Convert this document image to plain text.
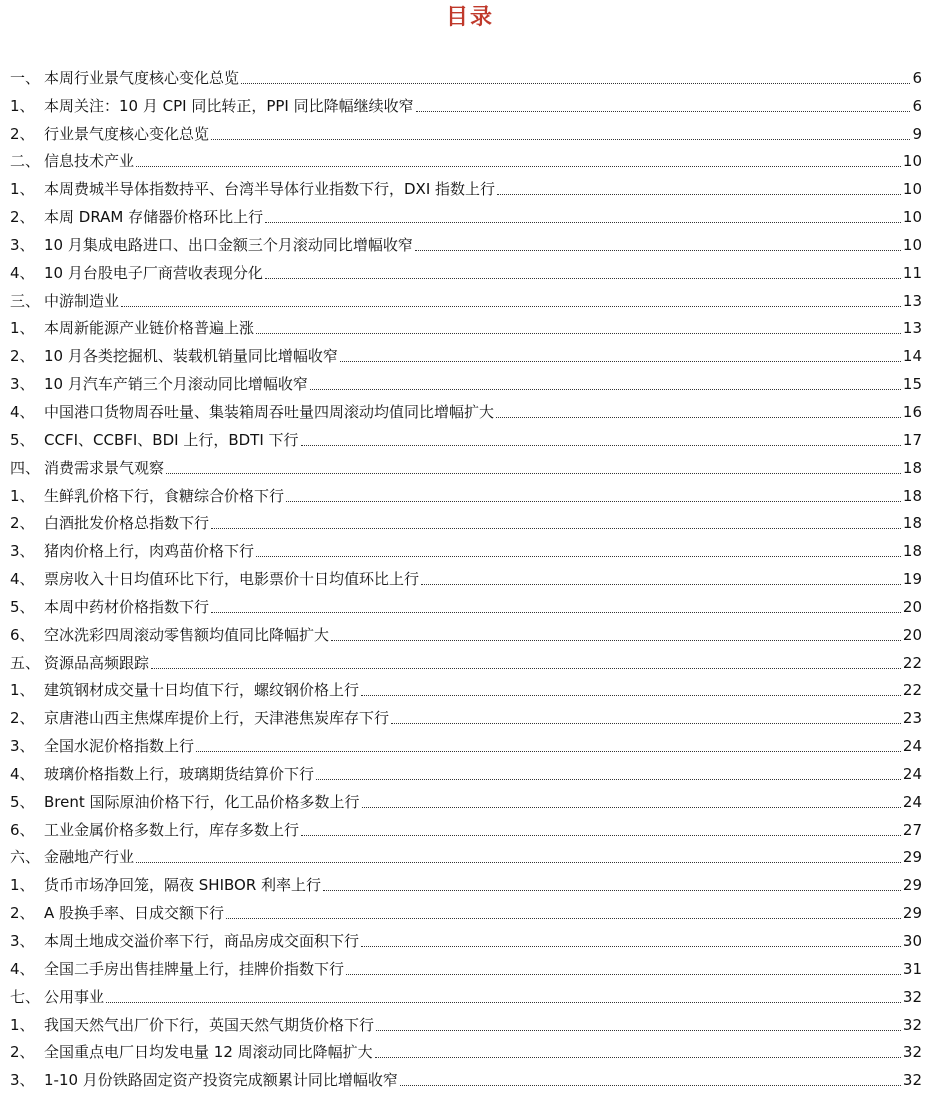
目录
一、 本周行业景气度核心变化总览	6
1、 本周关注：10 月 CPI 同比转正，PPI 同比降幅继续收窄	6
2、 行业景气度核心变化总览	9
二、 信息技术产业	10
1、 本周费城半导体指数持平、台湾半导体行业指数下行，DXI 指数上行	10
2、 本周 DRAM 存储器价格环比上行	10
3、 10 月集成电路进口、出口金额三个月滚动同比增幅收窄	10
4、 10 月台股电子厂商营收表现分化	11
三、 中游制造业	13
1、 本周新能源产业链价格普遍上涨	13
2、 10 月各类挖掘机、装载机销量同比增幅收窄	14
3、 10 月汽车产销三个月滚动同比增幅收窄	15
4、 中国港口货物周吞吐量、集装箱周吞吐量四周滚动均值同比增幅扩大	16
5、 CCFI、CCBFI、BDI 上行，BDTI 下行	17
四、 消费需求景气观察	18
1、 生鲜乳价格下行，食糖综合价格下行	18
2、 白酒批发价格总指数下行	18
3、 猪肉价格上行，肉鸡苗价格下行	18
4、 票房收入十日均值环比下行，电影票价十日均值环比上行	19
5、 本周中药材价格指数下行	20
6、 空冰洗彩四周滚动零售额均值同比降幅扩大	20
五、 资源品高频跟踪	22
1、 建筑钢材成交量十日均值下行，螺纹钢价格上行	22
2、 京唐港山西主焦煤库提价上行，天津港焦炭库存下行	23
3、 全国水泥价格指数上行	24
4、 玻璃价格指数上行，玻璃期货结算价下行	24
5、 Brent 国际原油价格下行，化工品价格多数上行	24
6、 工业金属价格多数上行，库存多数上行	27
六、 金融地产行业	29
1、 货币市场净回笼，隔夜 SHIBOR 利率上行	29
2、 A 股换手率、日成交额下行	29
3、 本周土地成交溢价率下行，商品房成交面积下行	30
4、 全国二手房出售挂牌量上行，挂牌价指数下行	31
七、 公用事业	32
1、 我国天然气出厂价下行，英国天然气期货价格下行	32
2、 全国重点电厂日均发电量 12 周滚动同比降幅扩大	32
3、 1-10 月份铁路固定资产投资完成额累计同比增幅收窄	32
